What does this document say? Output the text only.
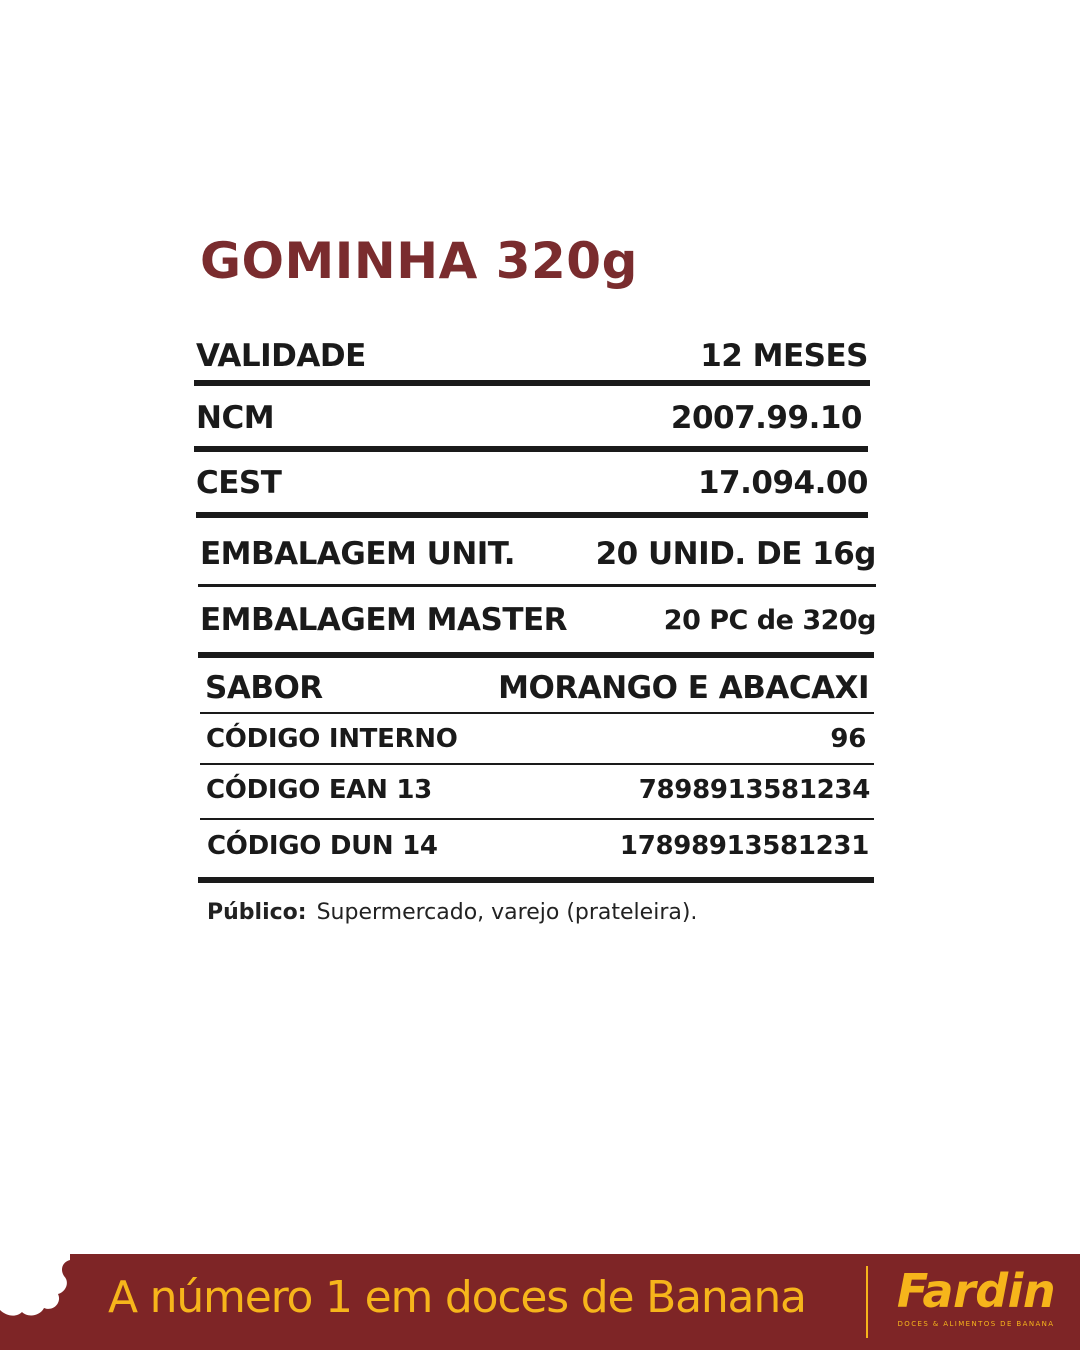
GOMINHA 320g
VALIDADE	12 MESES
NCM	2007.99.10
CEST	17.094.00
EMBALAGEM UNIT.	20 UNID. DE 16g
EMBALAGEM MASTER	20 PC de 320g
SABOR	MORANGO E ABACAXI
CÓDIGO INTERNO	96
CÓDIGO EAN 13	7898913581234
CÓDIGO DUN 14	17898913581231
Público: Supermercado, varejo (prateleira).
A número 1 em doces de Banana Fardin
DOCES & ALIMENTOS DE BANANA
